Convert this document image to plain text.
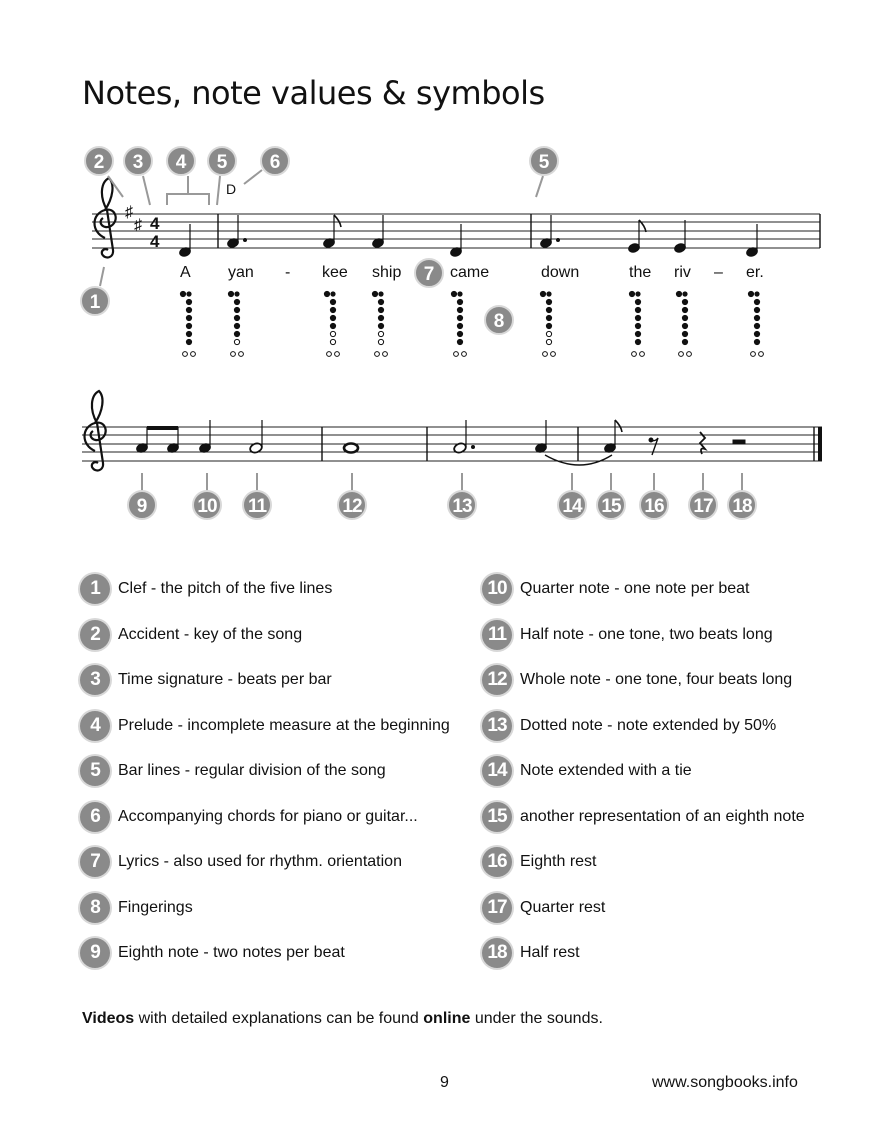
Notes, note values & symbols
♯
♯ 4
4
D
A yan - kee ship	came	down	the riv – er.
2 3 4 5 6	5
1
7
8
9	10 11	12	13	14 15 16 17 18
1	Clef - the pitch of the five lines
2	Accident - key of the song
3	Time signature - beats per bar
4	Prelude - incomplete measure at the beginning
5	Bar lines - regular division of the song
6	Accompanying chords for piano or guitar...
7	Lyrics - also used for rhythm. orientation
8	Fingerings
9	Eighth note - two notes per beat
10 Quarter note - one note per beat
11 Half note - one tone, two beats long
12 Whole note - one tone, four beats long
13 Dotted note - note extended by 50%
14 Note extended with a tie
15 another representation of an eighth note
16 Eighth rest
17 Quarter rest
18 Half rest
Videos with detailed explanations can be found online under the sounds.
9	www.songbooks.info
